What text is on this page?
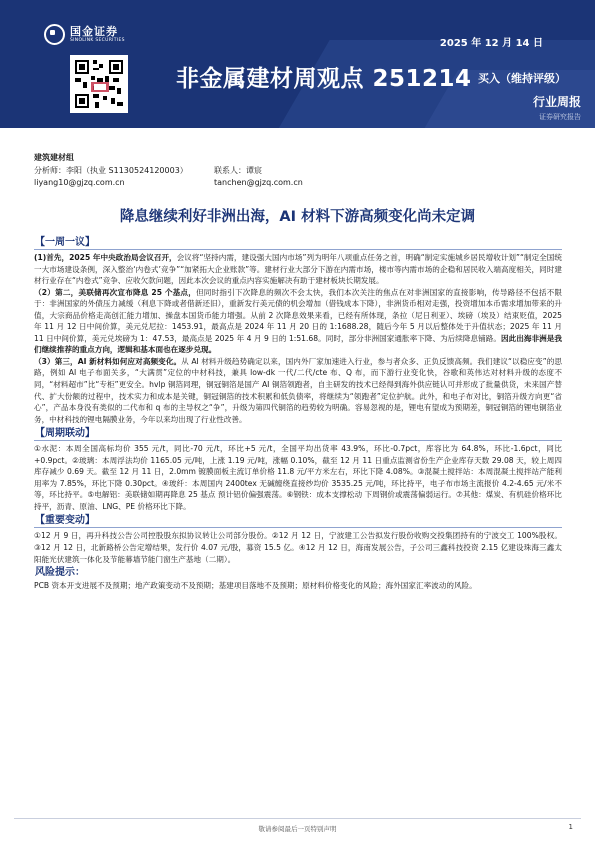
国金证券
SINOLINK SECURITIES	2025 年 12 月 14 日
非金属建材周观点 251214 买入（维持评级）
行业周报
证券研究报告
建筑建材组
分析师：李阳（执业 S1130524120003）	联系人：谭宸
liyang10@gjzq.com.cn	tanchen@gjzq.com.cn
降息继续利好非洲出海，AI 材料下游高频变化尚未定调
【一周一议】

(1)首先，2025 年中央政治局会议召开，会议将“坚持内需，建设强大国内市场”列为明年八项重点任务之首，明确“制定实施城乡居民增收计划”“制定全国统一大市场建设条例，深入整治‘内卷式’竞争”“加紧拓大企业账款”等。建材行业大部分下游在内需市场，楼市等内需市场的企稳和居民收入端高度相关，同时建材行业存在“内卷式”竞争、应收欠款问题，因此本次会议的重点内容实施解决有助于建材板块长期发展。

（2）第二，美联储再次宣布降息 25 个基点，但同时指引下次降息的频次不会太快，我们本次关注的焦点在对非洲国家的直接影响，传导路径不包括不限于：非洲国家的外债压力减缓（利息下降或者借新还旧），重新发行美元债的机会增加（借钱成本下降），非洲货币相对走强，投资增加本币需求增加带来的升值，大宗商品价格走高创汇能力增加、操盘本国货币能力增强。从前 2 次降息效果来看，已经有所体现，条拉（尼日利亚）、埃磅（埃及）结束贬值，2025 年 11 月 12 日中间价算，美元兑尼拉：1453.91，最高点是 2024 年 11 月 20 日的 1:1688.28，随后今年 5 月以后整体处于升值状态；2025 年 11 月 11 日中间价算，美元兑埃磅为 1：47.53，最高点是 2025 年 4 月 9 日的 1:51.68。同时，部分非洲国家通胀率下降、为后续降息铺路。因此出海非洲是我们继续推荐的重点方向，逻辑和基本面也在逐步兑现。

（3）第三，AI 新材料如何应对高频变化。从 AI 材料升级趋势确定以来，国内外厂家加速进入行业，参与者众多、正负反馈高频。我们建议“以稳应变”的思路，例如 AI 电子布面关多，“大满贯”定位的中材科技，兼具 low-dk 一代/二代/cte 布、Q 布，而下游行业变化快，谷歌和英伟达对材料升级的态度不同，“材料超市”比“专柜”更安全。hvlp 铜箔同理，铜冠铜箔是国产 AI 铜箔领跑者，自主研发的技术已经得到海外供应链认可并形成了批量供货，未来国产替代、扩大份额的过程中，技术实力和成本是关键，铜冠铜箔的技术积累和低负债率，将继续为“领跑者”定位护航。此外，和电子布对比，铜箔升级方向更“省心”，产品本身没有类似的二代布和 q 布的主导权之“争”，升级为第四代铜箔的趋势较为明确。容易忽视的是，锂电有望成为预期差，铜冠铜箔的锂电铜箔业务，中材科技的锂电隔膜业务，今年以来均出现了行业性改善。

【周期联动】

①水泥：本周全国高标均价 355 元/t，同比-70 元/t，环比+5 元/t，全国平均出货率 43.9%，环比-0.7pct，库容比为 64.8%，环比-1.6pct，同比+0.9pct。②玻璃：本周浮法均价 1165.05 元/吨，上涨 1.19 元/吨，涨幅 0.10%，截至 12 月 11 日重点监测省份生产企业库存天数 29.08 天，较上周四库存减少 0.69 天。截至 12 月 11 日，2.0mm 镀膜面板主流订单价格 11.8 元/平方米左右，环比下降 4.08%。③混凝土搅拌站：本周混凝土搅拌站产能利用率为 7.85%，环比下降 0.30pct。④玻纤：本周国内 2400tex 无碱缠绕直接纱均价 3535.25 元/吨，环比持平，电子布市场主流报价 4.2-4.65 元/米不等，环比持平。⑤电解铝：美联储如期再降息 25 基点 预计铝价偏强震荡。⑥钢铁：成本支撑松动 下周钢价或震荡偏弱运行。⑦其他：煤炭、有机硅价格环比持平，沥青、原油、LNG、PE 价格环比下降。

【重要变动】

①12 月 9 日，再升科技公告公司控股股东拟协议转让公司部分股份。②12 月 12 日，宁波建工公告拟发行股份收购交投集团持有的宁波交工 100%股权。③12 月 12 日，北新路桥公告定增结果，发行价 4.07 元/股，募资 15.5 亿。④12 月 12 日，海南发展公告，子公司三鑫科技投资 2.15 亿建设珠海三鑫太阳能光伏建筑一体化及节能幕墙节能门窗生产基地（二期）。

风险提示：

PCB 资本开支进展不及预期；地产政策变动不及预期；基建项目落地不及预期；原材料价格变化的风险；海外国家汇率波动的风险。

敬请参阅最后一页特别声明	1
